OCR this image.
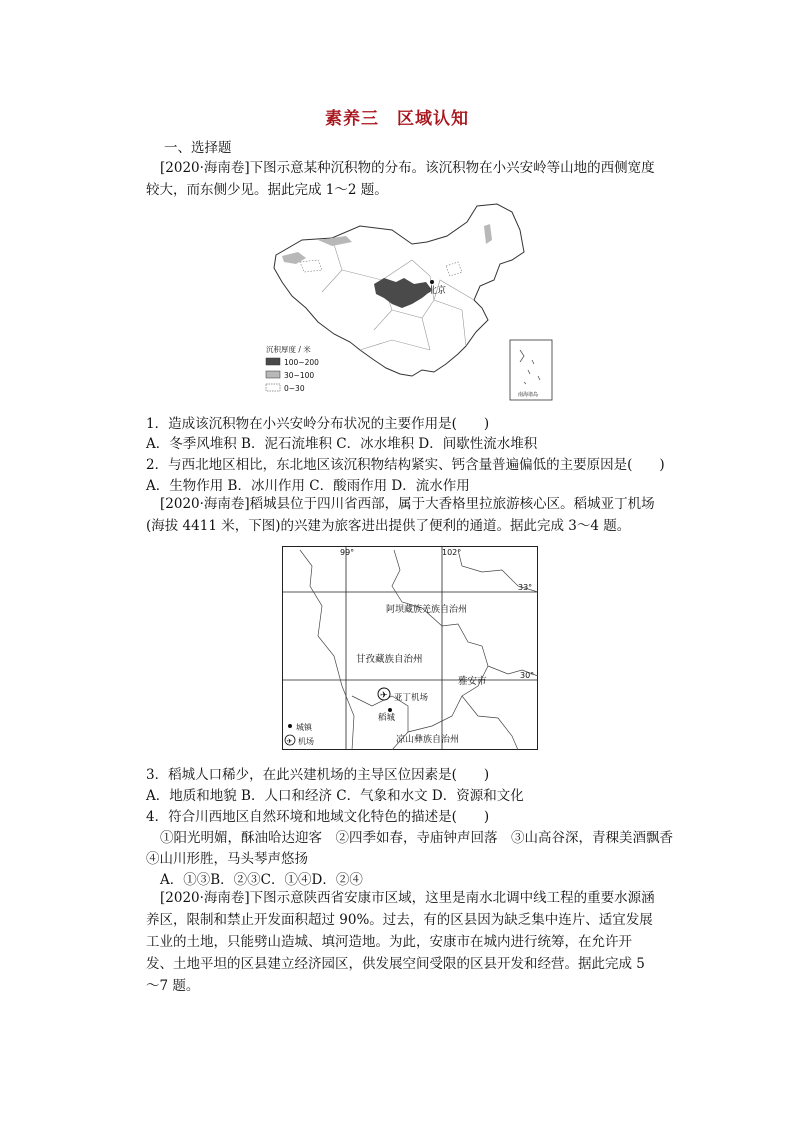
素养三 区域认知
一、选择题
[2020·海南卷]下图示意某种沉积物的分布。该沉积物在小兴安岭等山地的西侧宽度较大，而东侧少见。据此完成 1～2 题。
北京
沉积厚度 / 米
100~200
30~100
0~30
南海诸岛
1．造成该沉积物在小兴安岭分布状况的主要作用是(　　)
A．冬季风堆积 B．泥石流堆积 C．冰水堆积 D．间歇性流水堆积
2．与西北地区相比，东北地区该沉积物结构紧实、钙含量普遍偏低的主要原因是(　　)
A．生物作用 B．冰川作用 C．酸雨作用 D．流水作用
[2020·海南卷]稻城县位于四川省西部，属于大香格里拉旅游核心区。稻城亚丁机场(海拔 4411 米，下图)的兴建为旅客进出提供了便利的通道。据此完成 3～4 题。
99°	102°
33°
30°
阿坝藏族羌族自治州
甘孜藏族自治州
雅安市
✈ 亚丁机场
稻城
凉山彝族自治州
城镇
✈ 机场
3．稻城人口稀少，在此兴建机场的主导区位因素是(　　)
A．地质和地貌 B．人口和经济 C．气象和水文 D．资源和文化
4．符合川西地区自然环境和地域文化特色的描述是(　　)
①阳光明媚，酥油哈达迎客　②四季如春，寺庙钟声回落　③山高谷深，青稞美酒飘香
④山川形胜，马头琴声悠扬
A．①③B．②③C．①④D．②④
[2020·海南卷]下图示意陕西省安康市区域，这里是南水北调中线工程的重要水源涵养区，限制和禁止开发面积超过 90%。过去，有的区县因为缺乏集中连片、适宜发展工业的土地，只能劈山造城、填河造地。为此，安康市在城内进行统筹，在允许开发、土地平坦的区县建立经济园区，供发展空间受限的区县开发和经营。据此完成 5～7 题。
